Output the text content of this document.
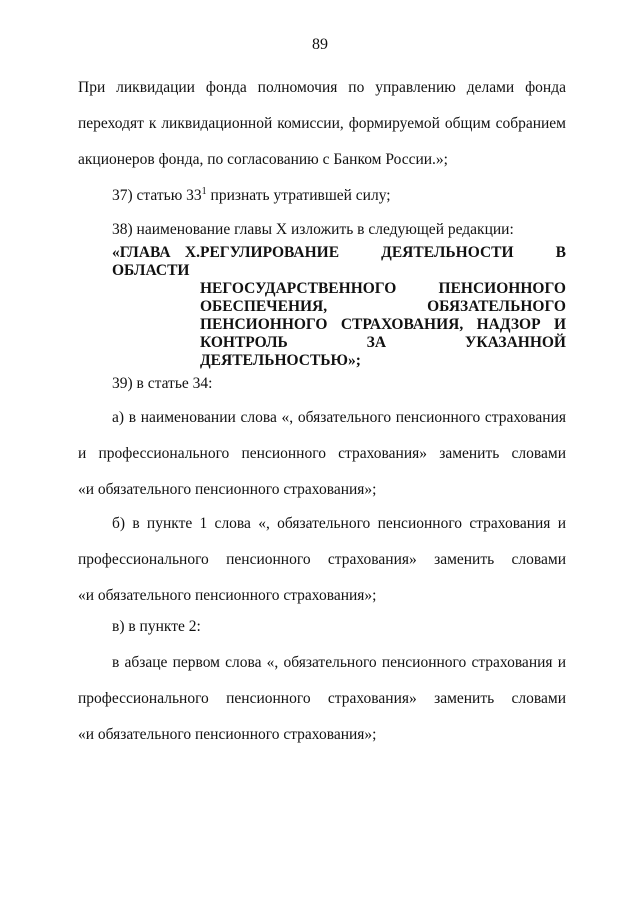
89
При ликвидации фонда полномочия по управлению делами фонда
переходят к ликвидационной комиссии, формируемой общим собранием
акционеров фонда, по согласованию с Банком России.»;
37) статью $33^1$ признать утратившей силу;
38) наименование главы X изложить в следующей редакции:
«ГЛАВА X.РЕГУЛИРОВАНИЕ ДЕЯТЕЛЬНОСТИ В ОБЛАСТИ
НЕГОСУДАРСТВЕННОГО ПЕНСИОННОГО
ОБЕСПЕЧЕНИЯ, ОБЯЗАТЕЛЬНОГО
ПЕНСИОННОГО СТРАХОВАНИЯ, НАДЗОР И
КОНТРОЛЬ ЗА УКАЗАННОЙ
ДЕЯТЕЛЬНОСТЬЮ»;
39) в статье 34:
а) в наименовании слова «, обязательного пенсионного страхования
и профессионального пенсионного страхования» заменить словами
«и обязательного пенсионного страхования»;
б) в пункте 1 слова «, обязательного пенсионного страхования и
профессионального пенсионного страхования» заменить словами
«и обязательного пенсионного страхования»;
в) в пункте 2:
в абзаце первом слова «, обязательного пенсионного страхования и
профессионального пенсионного страхования» заменить словами
«и обязательного пенсионного страхования»;
